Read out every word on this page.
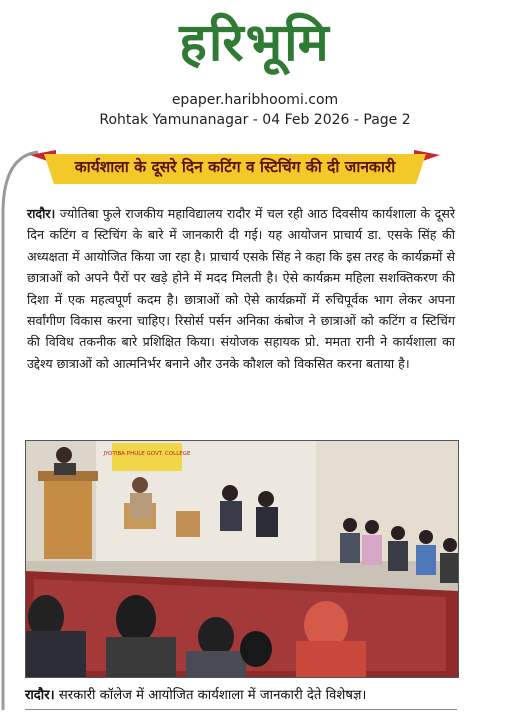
हरिभूमि
epaper.haribhoomi.com
Rohtak Yamunanagar - 04 Feb 2026 - Page 2
कार्यशाला के दूसरे दिन कटिंग व स्टिचिंग की दी जानकारी
रादौर। ज्योतिबा फुले राजकीय महाविद्यालय रादौर में चल रही आठ दिवसीय कार्यशाला के दूसरे दिन कटिंग व स्टिचिंग के बारे में जानकारी दी गई। यह आयोजन प्राचार्य डा. एसके सिंह की अध्यक्षता में आयोजित किया जा रहा है। प्राचार्य एसके सिंह ने कहा कि इस तरह के कार्यक्रमों से छात्राओं को अपने पैरों पर खड़े होने में मदद मिलती है। ऐसे कार्यक्रम महिला सशक्तिकरण की दिशा में एक महत्वपूर्ण कदम है। छात्राओं को ऐसे कार्यक्रमों में रुचिपूर्वक भाग लेकर अपना सर्वांगीण विकास करना चाहिए। रिसोर्स पर्सन अनिका कंबोज ने छात्राओं को कटिंग व स्टिचिंग की विविध तकनीक बारे प्रशिक्षित किया। संयोजक सहायक प्रो. ममता रानी ने कार्यशाला का उद्देश्य छात्राओं को आत्मनिर्भर बनाने और उनके कौशल को विकसित करना बताया है।
JYOTIBA PHULE GOVT. COLLEGE
रादौर। सरकारी कॉलेज में आयोजित कार्यशाला में जानकारी देते विशेषज्ञ।
